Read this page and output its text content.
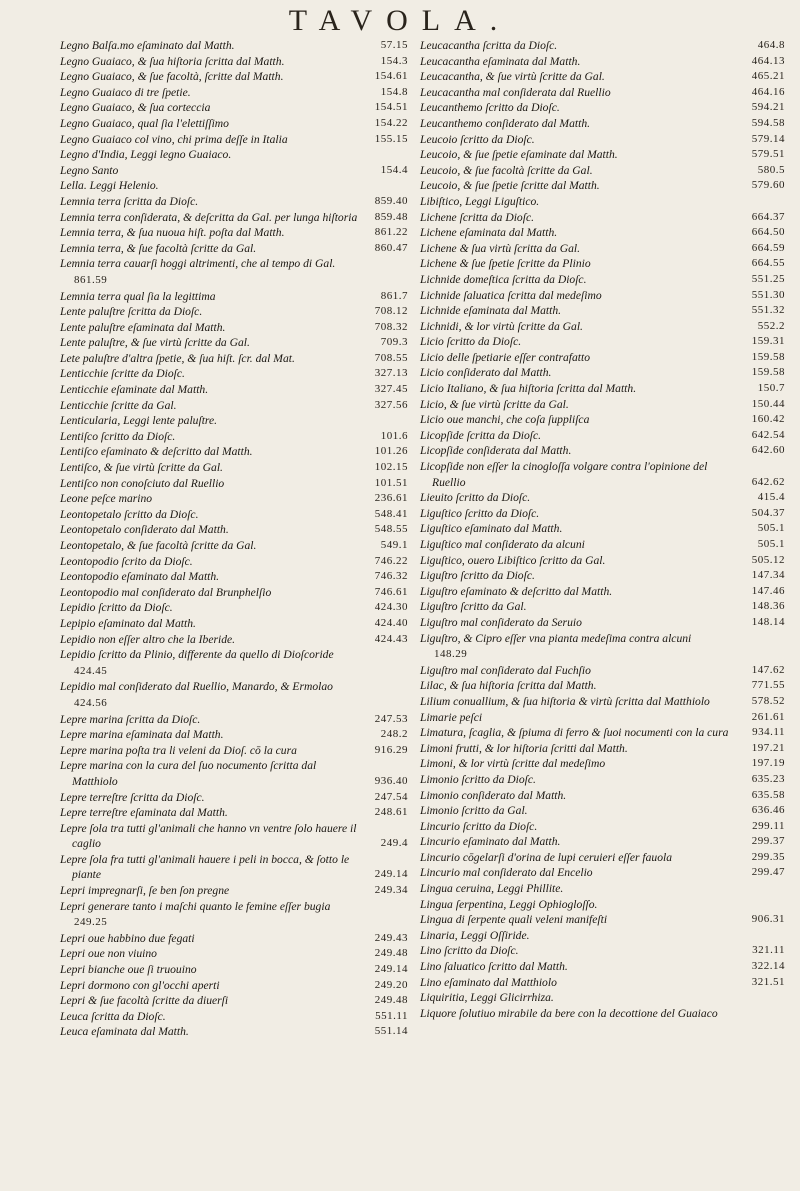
TAVOLA.
Legno Balſa.mo eſaminato dal Matth.	57.15
Legno Guaiaco, & ſua hiſtoria ſcritta dal Matth.	154.3
Legno Guaiaco, & ſue facoltà, ſcritte dal Matth.	154.61
Legno Guaiaco di tre ſpetie.	154.8
Legno Guaiaco, & ſua corteccia	154.51
Legno Guaiaco, qual ſia l'elettiſſimo	154.22
Legno Guaiaco col vino, chi prima deſſe in Italia	155.15
Legno d'India, Leggi legno Guaiaco.
Legno Santo	154.4
Lella. Leggi Helenio.
Lemnia terra ſcritta da Dioſc.	859.40
Lemnia terra conſiderata, & deſcritta da Gal. per lunga hiſtoria 859.48
Lemnia terra, & ſua nuoua hiſt. poſta dal Matth.	861.22
Lemnia terra, & ſue facoltà ſcritte da Gal.	860.47
Lemnia terra cauarſi hoggi altrimenti, che al tempo di Gal.
861.59
Lemnia terra qual ſia la legittima	861.7
Lente paluſtre ſcritta da Dioſc.	708.12
Lente paluſtre eſaminata dal Matth.	708.32
Lente paluſtre, & ſue virtù ſcritte da Gal.	709.3
Lete paluſtre d'altra ſpetie, & ſua hiſt. ſcr. dal Mat.	708.55
Lenticchie ſcritte da Dioſc.	327.13
Lenticchie eſaminate dal Matth.	327.45
Lenticchie ſcritte da Gal.	327.56
Lenticularia, Leggi lente paluſtre.
Lentiſco ſcritto da Dioſc.	101.6
Lentiſco eſaminato & deſcritto dal Matth.	101.26
Lentiſco, & ſue virtù ſcritte da Gal.	102.15
Lentiſco non conoſciuto dal Ruellio	101.51
Leone peſce marino	236.61
Leontopetalo ſcritto da Dioſc.	548.41
Leontopetalo conſiderato dal Matth.	548.55
Leontopetalo, & ſue facoltà ſcritte da Gal.	549.1
Leontopodio ſcrito da Dioſc.	746.22
Leontopodio eſaminato dal Matth.	746.32
Leontopodio mal conſiderato dal Brunphelſio	746.61
Lepidio ſcritto da Dioſc.	424.30
Lepipio eſaminato dal Matth.	424.40
Lepidio non eſſer altro che la Iberide.	424.43
Lepidio ſcritto da Plinio, differente da quello di Dioſcoride
424.45
Lepidio mal conſiderato dal Ruellio, Manardo, & Ermolao
424.56
Lepre marina ſcritta da Dioſc.	247.53
Lepre marina eſaminata dal Matth.	248.2
Lepre marina poſta tra li veleni da Dioſ. cō la cura	916.29
Lepre marina con la cura del ſuo nocumento ſcritta dal Matthiolo	936.40
Lepre terreſtre ſcritta da Dioſc.	247.54
Lepre terreſtre eſaminata dal Matth.	248.61
Lepre ſola tra tutti gl'animali che hanno vn ventre ſolo hauere il caglio	249.4
Lepre ſola fra tutti gl'animali hauere i peli in bocca, & ſotto le piante	249.14
Lepri impregnarſi, ſe ben ſon pregne	249.34
Lepri generare tanto i maſchi quanto le femine eſſer bugia
249.25
Lepri oue habbino due fegati	249.43
Lepri oue non viuino	249.48
Lepri bianche oue ſi truouino	249.14
Lepri dormono con gl'occhi aperti	249.20
Lepri & ſue facoltà ſcritte da diuerſi	249.48
Leuca ſcritta da Dioſc.	551.11
Leuca eſaminata dal Matth.	551.14
Leucacantha ſcritta da Dioſc.	464.8
Leucacantha eſaminata dal Matth.	464.13
Leucacantha, & ſue virtù ſcritte da Gal.	465.21
Leucacantha mal conſiderata dal Ruellio	464.16
Leucanthemo ſcritto da Dioſc.	594.21
Leucanthemo conſiderato dal Matth.	594.58
Leucoio ſcritto da Dioſc.	579.14
Leucoio, & ſue ſpetie eſaminate dal Matth.	579.51
Leucoio, & ſue facoltà ſcritte da Gal.	580.5
Leucoio, & ſue ſpetie ſcritte dal Matth.	579.60
Libiſtico, Leggi Liguſtico.
Lichene ſcritta da Dioſc.	664.37
Lichene eſaminata dal Matth.	664.50
Lichene & ſua virtù ſcritta da Gal.	664.59
Lichene & ſue ſpetie ſcritte da Plinio	664.55
Lichnide domeſtica ſcritta da Dioſc.	551.25
Lichnide ſaluatica ſcritta dal medeſimo	551.30
Lichnide eſaminata dal Matth.	551.32
Lichnidi, & lor virtù ſcritte da Gal.	552.2
Licio ſcritto da Dioſc.	159.31
Licio delle ſpetiarie eſſer contrafatto	159.58
Licio conſiderato dal Matth.	159.58
Licio Italiano, & ſua hiſtoria ſcritta dal Matth.	150.7
Licio, & ſue virtù ſcritte da Gal.	150.44
Licio oue manchi, che coſa ſuppliſca	160.42
Licopſide ſcritta da Dioſc.	642.54
Licopſide conſiderata dal Matth.	642.60
Licopſide non eſſer la cinogloſſa volgare contra l'opinione del Ruellio	642.62
Lieuito ſcritto da Dioſc.	415.4
Liguſtico ſcritto da Dioſc.	504.37
Liguſtico eſaminato dal Matth.	505.1
Liguſtico mal conſiderato da alcuni	505.1
Liguſtico, ouero Libiſtico ſcritto da Gal.	505.12
Liguſtro ſcritto da Dioſc.	147.34
Liguſtro eſaminato & deſcritto dal Matth.	147.46
Liguſtro ſcritto da Gal.	148.36
Liguſtro mal conſiderato da Seruio	148.14
Liguſtro, & Cipro eſſer vna pianta medeſima contra alcuni
148.29
Liguſtro mal conſiderato dal Fuchſio	147.62
Lilac, & ſua hiſtoria ſcritta dal Matth.	771.55
Lilium conuallium, & ſua hiſtoria & virtù ſcritta dal Matthiolo	578.52
Limarie peſci	261.61
Limatura, ſcaglia, & ſpiuma di ferro & ſuoi nocumenti con la cura 934.11
Limoni frutti, & lor hiſtoria ſcritti dal Matth.	197.21
Limoni, & lor virtù ſcritte dal medeſimo	197.19
Limonio ſcritto da Dioſc.	635.23
Limonio conſiderato dal Matth.	635.58
Limonio ſcritto da Gal.	636.46
Lincurio ſcritto da Dioſc.	299.11
Lincurio eſaminato dal Matth.	299.37
Lincurio cōgelarſi d'orina de lupi ceruieri eſſer fauola	299.35
Lincurio mal conſiderato dal Encelio	299.47
Lingua ceruina, Leggi Phillite.
Lingua ſerpentina, Leggi Ophiogloſſo.
Lingua di ſerpente quali veleni manifeſti	906.31
Linaria, Leggi Oſſiride.
Lino ſcritto da Dioſc.	321.11
Lino ſaluatico ſcritto dal Matth.	322.14
Lino eſaminato dal Matthiolo	321.51
Liquiritia, Leggi Glicirrhiza.
Liquore ſolutiuo mirabile da bere con la decottione del Guaiaco
